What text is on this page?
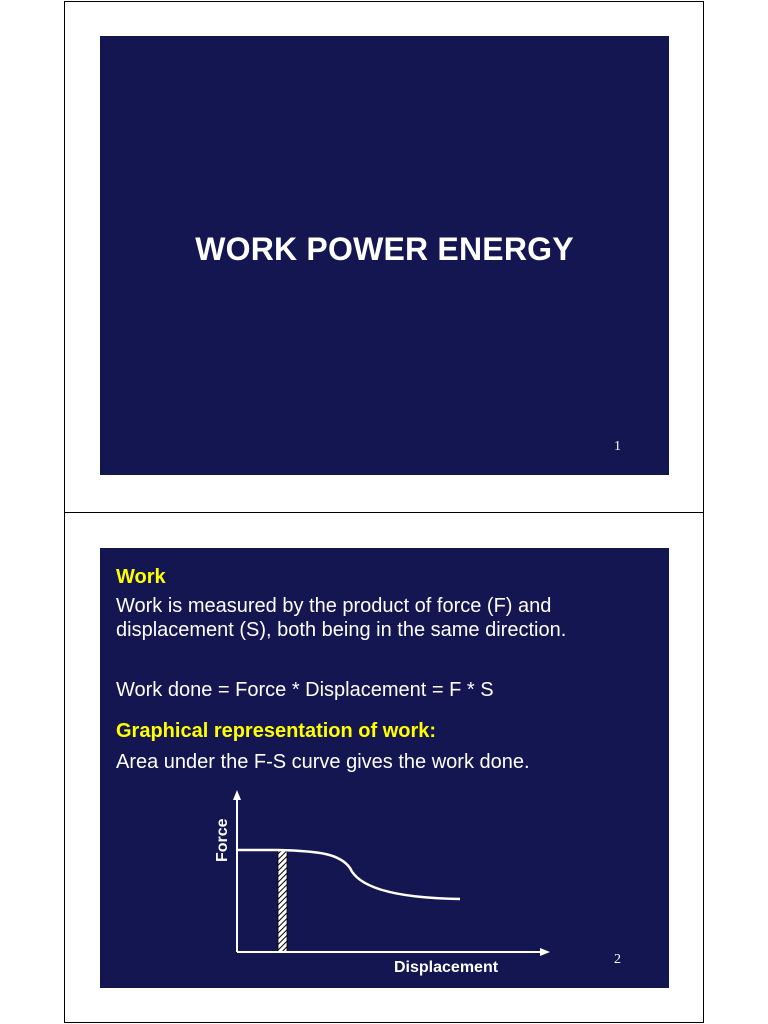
WORK POWER ENERGY
1
Work
Work is measured by the product of force (F) and displacement (S), both being in the same direction.
Work done = Force * Displacement = F * S
Graphical representation of work:
Area under the F-S curve gives the work done.
Force
Displacement	2
